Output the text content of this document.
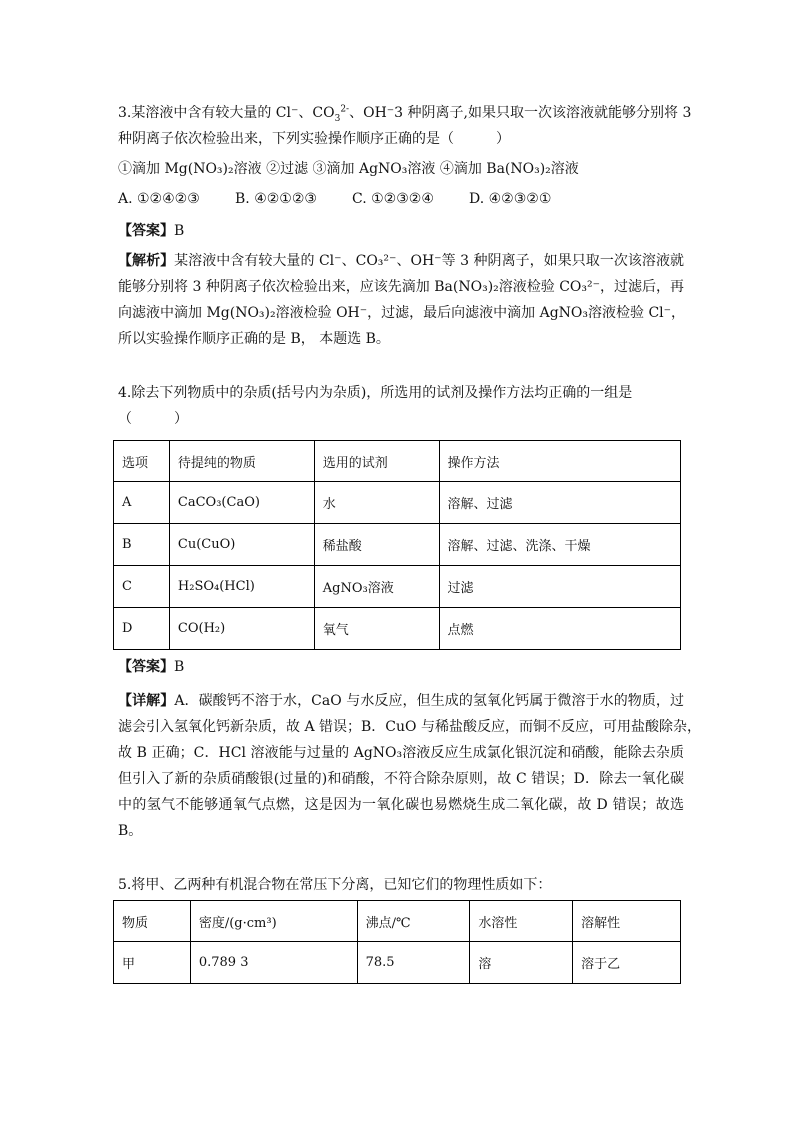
3.某溶液中含有较大量的 Cl⁻、$CO_3^{2-}$、OH⁻3 种阴离子,如果只取一次该溶液就能够分别将 3
种阴离子依次检验出来，下列实验操作顺序正确的是（　　　）
①滴加 Mg(NO₃)₂溶液 ②过滤 ③滴加 AgNO₃溶液 ④滴加 Ba(NO₃)₂溶液
A. ①②④②③	B. ④②①②③	C. ①②③②④	D. ④②③②①
【答案】B
【解析】某溶液中含有较大量的 Cl⁻、CO₃²⁻、OH⁻等 3 种阴离子，如果只取一次该溶液就
能够分别将 3 种阴离子依次检验出来，应该先滴加 Ba(NO₃)₂溶液检验 CO₃²⁻，过滤后，再
向滤液中滴加 Mg(NO₃)₂溶液检验 OH⁻，过滤，最后向滤液中滴加 AgNO₃溶液检验 Cl⁻，
所以实验操作顺序正确的是 B， 本题选 B。
4.除去下列物质中的杂质(括号内为杂质)，所选用的试剂及操作方法均正确的一组是
（　　　）
选项	待提纯的物质	选用的试剂	操作方法
A	CaCO₃(CaO)	水	溶解、过滤
B	Cu(CuO)	稀盐酸	溶解、过滤、洗涤、干燥
C	H₂SO₄(HCl)	AgNO₃溶液	过滤
D	CO(H₂)	氧气	点燃
【答案】B
【详解】A．碳酸钙不溶于水，CaO 与水反应，但生成的氢氧化钙属于微溶于水的物质，过
滤会引入氢氧化钙新杂质，故 A 错误；B．CuO 与稀盐酸反应，而铜不反应，可用盐酸除杂，
故 B 正确；C．HCl 溶液能与过量的 AgNO₃溶液反应生成氯化银沉淀和硝酸，能除去杂质
但引入了新的杂质硝酸银(过量的)和硝酸，不符合除杂原则，故 C 错误；D．除去一氧化碳
中的氢气不能够通氧气点燃，这是因为一氧化碳也易燃烧生成二氧化碳，故 D 错误；故选
B。
5.将甲、乙两种有机混合物在常压下分离，已知它们的物理性质如下：
物质	密度/(g·cm³)	沸点/℃	水溶性	溶解性
甲	0.789 3	78.5	溶	溶于乙
